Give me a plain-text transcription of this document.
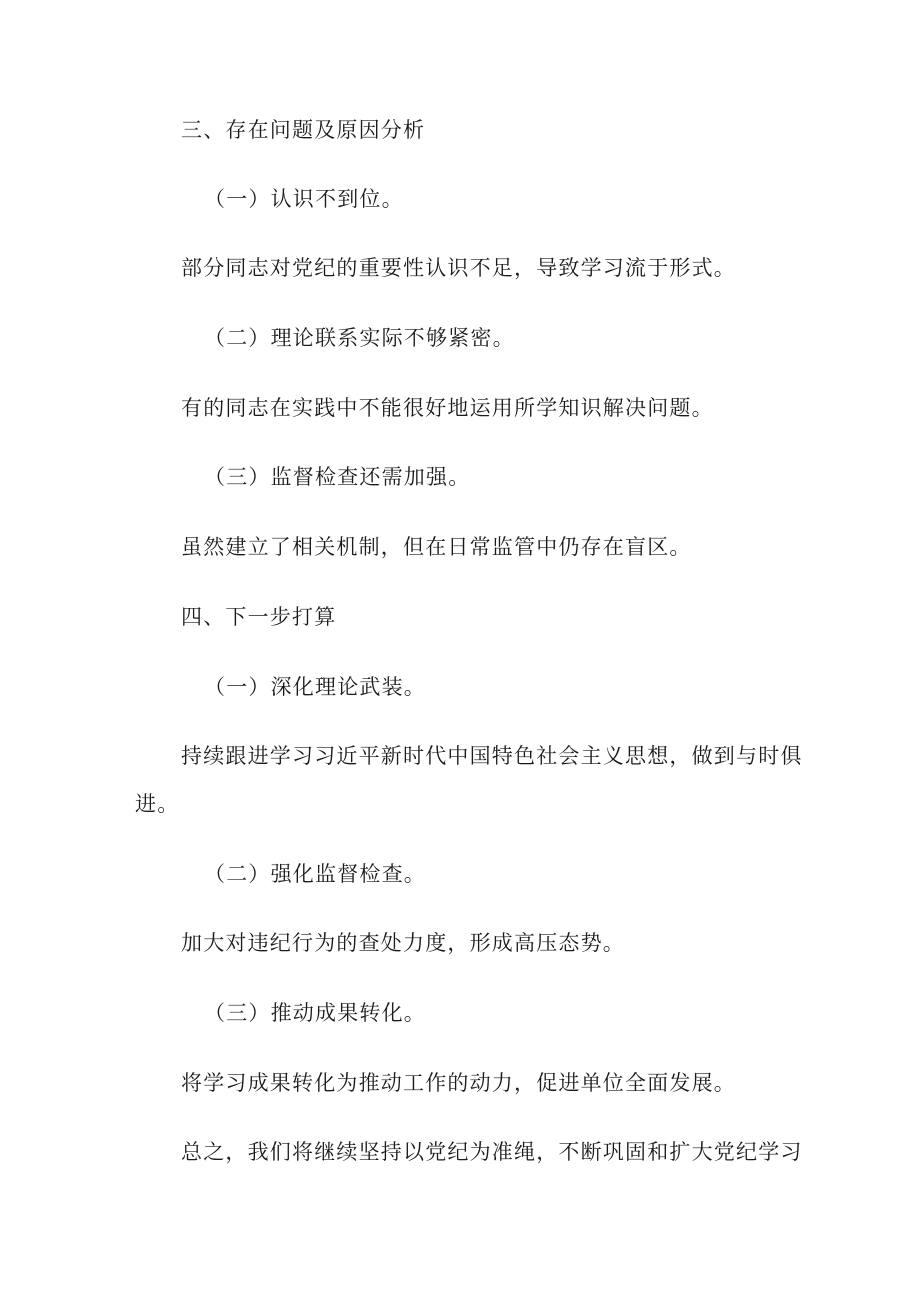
三、存在问题及原因分析
（一）认识不到位。
部分同志对党纪的重要性认识不足，导致学习流于形式。
（二）理论联系实际不够紧密。
有的同志在实践中不能很好地运用所学知识解决问题。
（三）监督检查还需加强。
虽然建立了相关机制，但在日常监管中仍存在盲区。
四、下一步打算
（一）深化理论武装。
持续跟进学习习近平新时代中国特色社会主义思想，做到与时俱
进。
（二）强化监督检查。
加大对违纪行为的查处力度，形成高压态势。
（三）推动成果转化。
将学习成果转化为推动工作的动力，促进单位全面发展。
总之，我们将继续坚持以党纪为准绳，不断巩固和扩大党纪学习
